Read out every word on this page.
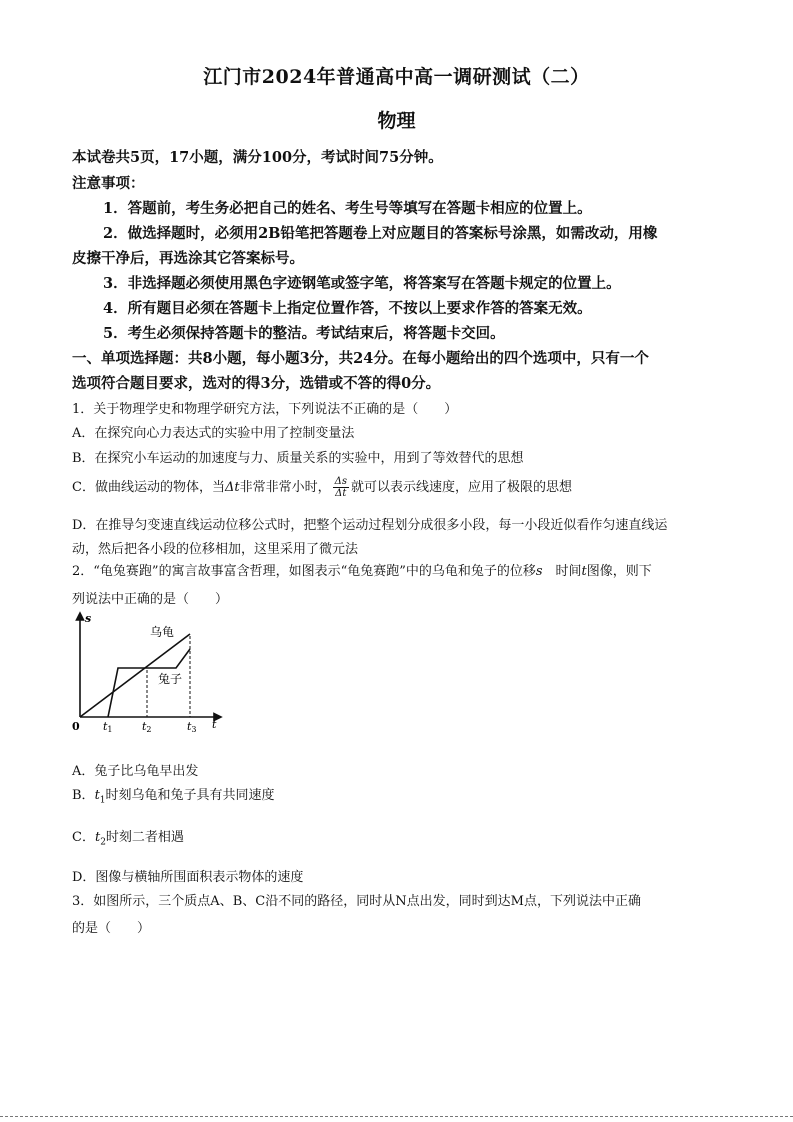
江门市2024年普通高中高一调研测试（二）
物理
本试卷共5页，17小题，满分100分，考试时间75分钟。
注意事项：
1．答题前，考生务必把自己的姓名、考生号等填写在答题卡相应的位置上。
2．做选择题时，必须用2B铅笔把答题卷上对应题目的答案标号涂黑，如需改动，用橡
皮擦干净后，再选涂其它答案标号。
3．非选择题必须使用黑色字迹钢笔或签字笔，将答案写在答题卡规定的位置上。
4．所有题目必须在答题卡上指定位置作答，不按以上要求作答的答案无效。
5．考生必须保持答题卡的整洁。考试结束后，将答题卡交回。
一、单项选择题：共8小题，每小题3分，共24分。在每小题给出的四个选项中，只有一个
选项符合题目要求，选对的得3分，选错或不答的得0分。
1．关于物理学史和物理学研究方法，下列说法不正确的是（　　）
A．在探究向心力表达式的实验中用了控制变量法
B．在探究小车运动的加速度与力、质量关系的实验中，用到了等效替代的思想
C．做曲线运动的物体，当Δt非常非常小时， $\frac{\Delta s}{\Delta t}$ 就可以表示线速度，应用了极限的思想
D．在推导匀变速直线运动位移公式时，把整个运动过程划分成很多小段，每一小段近似看作匀速直线运
动，然后把各小段的位移相加，这里采用了微元法
2．“龟兔赛跑”的寓言故事富含哲理，如图表示“龟兔赛跑”中的乌龟和兔子的位移s　时间t图像，则下
列说法中正确的是（　　）
s
t
0
乌龟
兔子
t1	t2	t3
A．兔子比乌龟早出发
B．$t_1$时刻乌龟和兔子具有共同速度
C．$t_2$时刻二者相遇
D．图像与横轴所围面积表示物体的速度
3．如图所示，三个质点A、B、C沿不同的路径，同时从N点出发，同时到达M点，下列说法中正确
的是（　　）
